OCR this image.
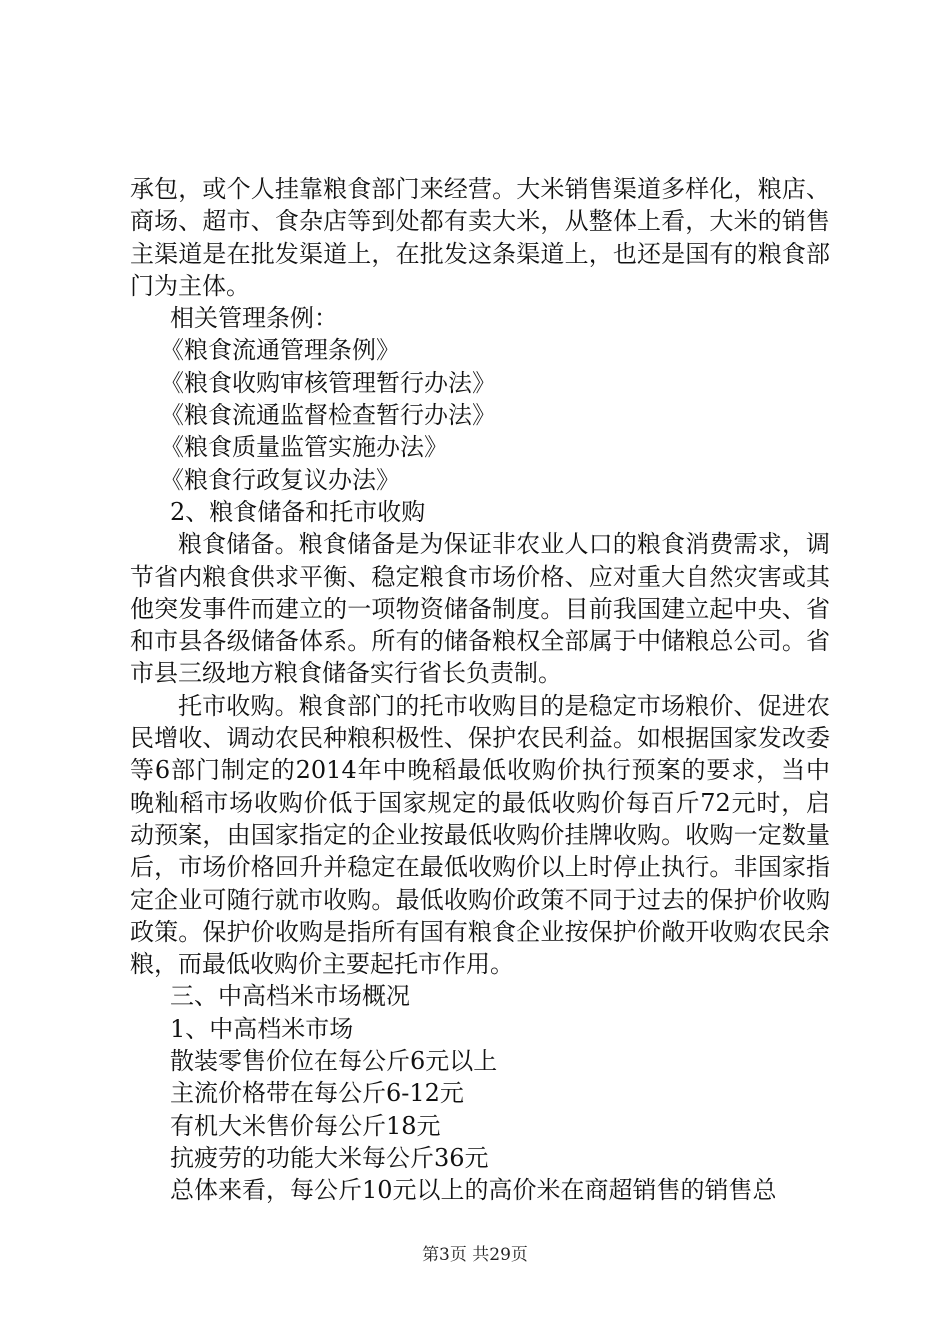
承包，或个人挂靠粮食部门来经营。大米销售渠道多样化，粮店、商场、超市、食杂店等到处都有卖大米，从整体上看，大米的销售主渠道是在批发渠道上，在批发这条渠道上，也还是国有的粮食部门为主体。

相关管理条例：

《粮食流通管理条例》

《粮食收购审核管理暂行办法》

《粮食流通监督检查暂行办法》

《粮食质量监管实施办法》

《粮食行政复议办法》

2、粮食储备和托市收购

粮食储备。粮食储备是为保证非农业人口的粮食消费需求，调节省内粮食供求平衡、稳定粮食市场价格、应对重大自然灾害或其他突发事件而建立的一项物资储备制度。目前我国建立起中央、省和市县各级储备体系。所有的储备粮权全部属于中储粮总公司。省市县三级地方粮食储备实行省长负责制。

托市收购。粮食部门的托市收购目的是稳定市场粮价、促进农民增收、调动农民种粮积极性、保护农民利益。如根据国家发改委等6部门制定的2014年中晚稻最低收购价执行预案的要求，当中晚籼稻市场收购价低于国家规定的最低收购价每百斤72元时，启动预案，由国家指定的企业按最低收购价挂牌收购。收购一定数量后，市场价格回升并稳定在最低收购价以上时停止执行。非国家指定企业可随行就市收购。最低收购价政策不同于过去的保护价收购政策。保护价收购是指所有国有粮食企业按保护价敞开收购农民余粮，而最低收购价主要起托市作用。

三、中高档米市场概况

1、中高档米市场

散装零售价位在每公斤6元以上

主流价格带在每公斤6-12元

有机大米售价每公斤18元

抗疲劳的功能大米每公斤36元

总体来看，每公斤10元以上的高价米在商超销售的销售总

第3页 共29页
